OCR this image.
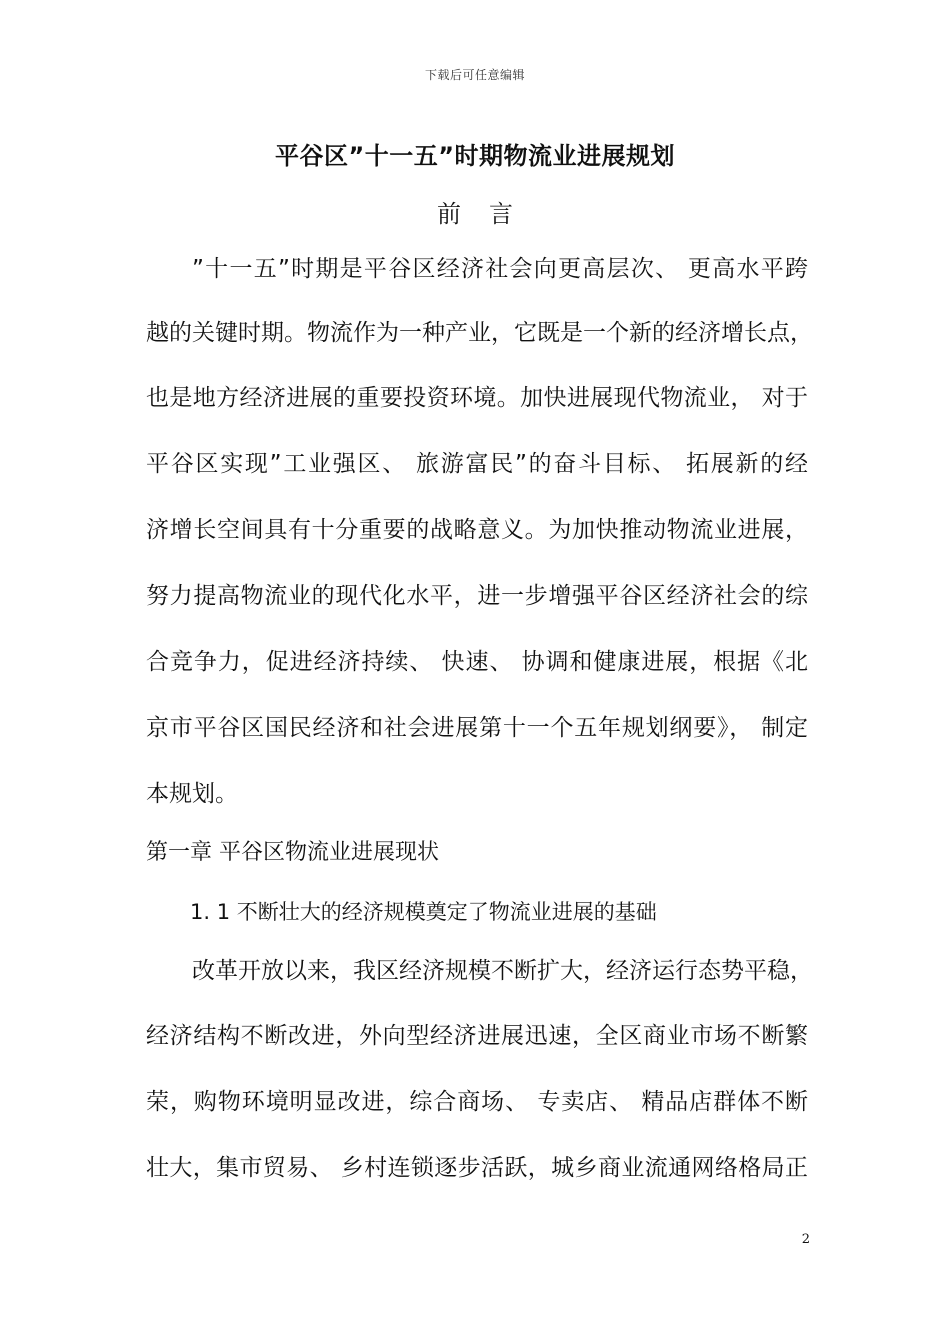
下载后可任意编辑
平谷区”十一五”时期物流业进展规划
前言
”十一五”时期是平谷区经济社会向更高层次、 更高水平跨
越的关键时期。物流作为一种产业，它既是一个新的经济增长点，
也是地方经济进展的重要投资环境。加快进展现代物流业， 对于
平谷区实现”工业强区、 旅游富民”的奋斗目标、 拓展新的经
济增长空间具有十分重要的战略意义。为加快推动物流业进展，
努力提高物流业的现代化水平，进一步增强平谷区经济社会的综
合竞争力，促进经济持续、 快速、 协调和健康进展，根据《北
京市平谷区国民经济和社会进展第十一个五年规划纲要》， 制定
本规划。
第一章 平谷区物流业进展现状
1. 1 不断壮大的经济规模奠定了物流业进展的基础
改革开放以来，我区经济规模不断扩大，经济运行态势平稳，
经济结构不断改进，外向型经济进展迅速，全区商业市场不断繁
荣，购物环境明显改进，综合商场、 专卖店、 精品店群体不断
壮大，集市贸易、 乡村连锁逐步活跃，城乡商业流通网络格局正
2
